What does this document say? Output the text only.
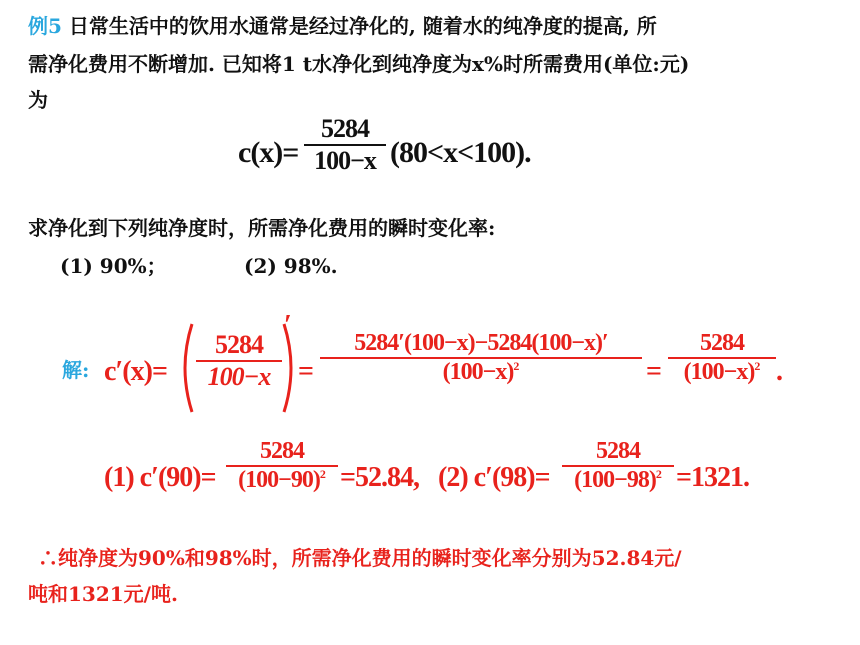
例5 日常生活中的饮用水通常是经过净化的, 随着水的纯净度的提高, 所
需净化费用不断增加. 已知将1 t水净化到纯净度为x%时所需费用(单位:元)
为
c(x)=
5284
100−x (80<x<100).
求净化到下列纯净度时，所需净化费用的瞬时变化率:
(1) 90%；	(2) 98%.
解: c′(x)=
5284
100−x
′
=
5284′(100−x)−5284(100−x)′
$(100-x)^2$	=
5284
$(100-x)^2$ .
(1) c′(90)=
5284
$(100-90)^2 =52.84$, (2) c′(98)=
5284
$(100-98)^2 =1321$.
∴纯净度为90%和98%时，所需净化费用的瞬时变化率分别为52.84元/
吨和1321元/吨.
